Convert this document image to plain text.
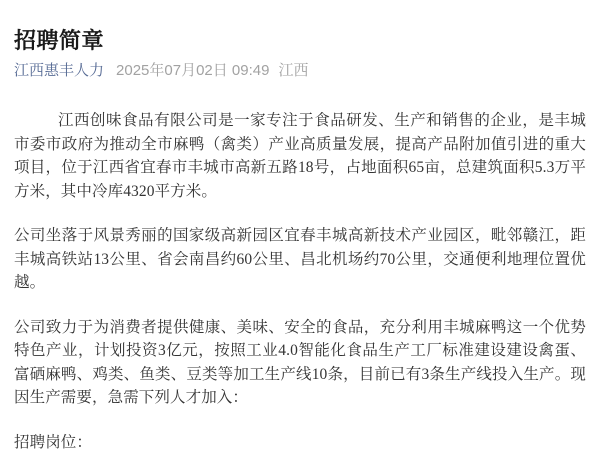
招聘简章
江西惠丰人力 2025年07月02日 09:49 江西

江西创味食品有限公司是一家专注于食品研发、生产和销售的企业，是丰城市委市政府为推动全市麻鸭（禽类）产业高质量发展，提高产品附加值引进的重大项目，位于江西省宜春市丰城市高新五路18号，占地面积65亩，总建筑面积5.3万平方米，其中冷库4320平方米。

公司坐落于风景秀丽的国家级高新园区宜春丰城高新技术产业园区，毗邻赣江，距丰城高铁站13公里、省会南昌约60公里、昌北机场约70公里，交通便利地理位置优越。

公司致力于为消费者提供健康、美味、安全的食品，充分利用丰城麻鸭这一个优势特色产业，计划投资3亿元，按照工业4.0智能化食品生产工厂标准建设建设禽蛋、富硒麻鸭、鸡类、鱼类、豆类等加工生产线10条，目前已有3条生产线投入生产。现因生产需要，急需下列人才加入：

招聘岗位：
